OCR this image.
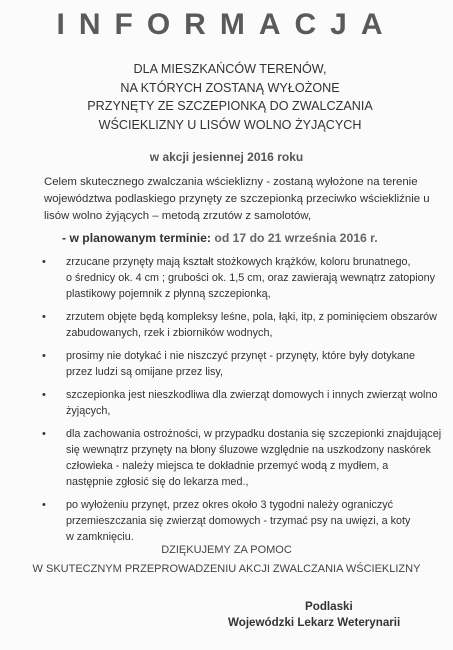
INFORMACJA
DLA MIESZKAŃCÓW TERENÓW,
NA KTÓRYCH ZOSTANĄ WYŁOŻONE
PRZYNĘTY ZE SZCZEPIONKĄ DO ZWALCZANIA
WŚCIEKLIZNY U LISÓW WOLNO ŻYJĄCYCH
w akcji jesiennej 2016 roku
Celem skutecznego zwalczania wścieklizny - zostaną wyłożone na terenie
województwa podlaskiego przynęty ze szczepionką przeciwko wściekliźnie u
lisów wolno żyjących – metodą zrzutów z samolotów,
- w planowanym terminie: od 17 do 21 września 2016 r.
• zrzucane przynęty mają kształt stożkowych krążków, koloru brunatnego,
o średnicy ok. 4 cm ; grubości ok. 1,5 cm, oraz zawierają wewnątrz zatopiony
plastikowy pojemnik z płynną szczepionką,
• zrzutem objęte będą kompleksy leśne, pola, łąki, itp, z pominięciem obszarów
zabudowanych, rzek i zbiorników wodnych,
• prosimy nie dotykać i nie niszczyć przynęt - przynęty, które były dotykane
przez ludzi są omijane przez lisy,
• szczepionka jest nieszkodliwa dla zwierząt domowych i innych zwierząt wolno
żyjących,
• dla zachowania ostrożności, w przypadku dostania się szczepionki znajdującej
się wewnątrz przynęty na błony śluzowe względnie na uszkodzony naskórek
człowieka - należy miejsca te dokładnie przemyć wodą z mydłem, a
następnie zgłosić się do lekarza med.,
• po wyłożeniu przynęt, przez okres około 3 tygodni należy ograniczyć
przemieszczania się zwierząt domowych - trzymać psy na uwięzi, a koty
w zamknięciu.
DZIĘKUJEMY ZA POMOC
W SKUTECZNYM PRZEPROWADZENIU AKCJI ZWALCZANIA WŚCIEKLIZNY
Podlaski
Wojewódzki Lekarz Weterynarii
